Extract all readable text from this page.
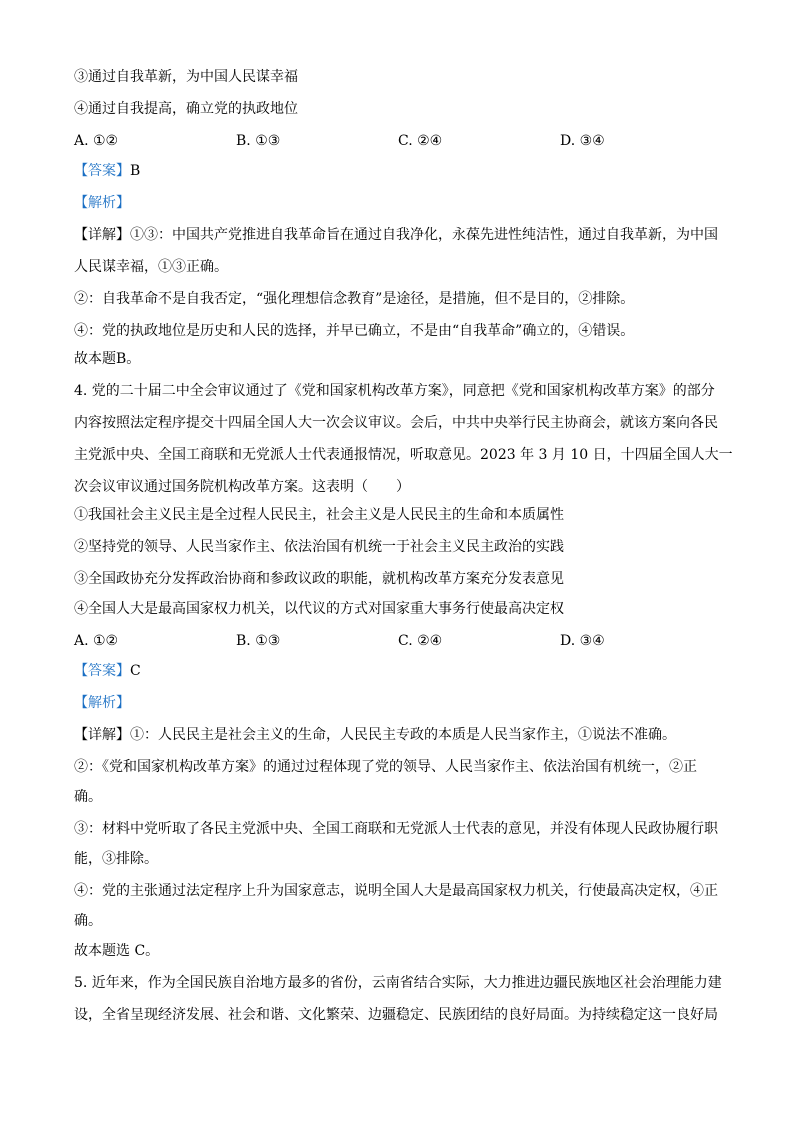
③通过自我革新，为中国人民谋幸福
④通过自我提高，确立党的执政地位
A. ①②	B. ①③	C. ②④	D. ③④
【答案】B
【解析】
【详解】①③：中国共产党推进自我革命旨在通过自我净化，永葆先进性纯洁性，通过自我革新，为中国
人民谋幸福，①③正确。
②：自我革命不是自我否定，“强化理想信念教育”是途径，是措施，但不是目的，②排除。
④：党的执政地位是历史和人民的选择，并早已确立，不是由“自我革命”确立的，④错误。
故本题B。
4. 党的二十届二中全会审议通过了《党和国家机构改革方案》，同意把《党和国家机构改革方案》的部分
内容按照法定程序提交十四届全国人大一次会议审议。会后，中共中央举行民主协商会，就该方案向各民
主党派中央、全国工商联和无党派人士代表通报情况，听取意见。2023 年 3 月 10 日，十四届全国人大一
次会议审议通过国务院机构改革方案。这表明（　　）
①我国社会主义民主是全过程人民民主，社会主义是人民民主的生命和本质属性
②坚持党的领导、人民当家作主、依法治国有机统一于社会主义民主政治的实践
③全国政协充分发挥政治协商和参政议政的职能，就机构改革方案充分发表意见
④全国人大是最高国家权力机关，以代议的方式对国家重大事务行使最高决定权
A. ①②	B. ①③	C. ②④	D. ③④
【答案】C
【解析】
【详解】①：人民民主是社会主义的生命，人民民主专政的本质是人民当家作主，①说法不准确。
②：《党和国家机构改革方案》的通过过程体现了党的领导、人民当家作主、依法治国有机统一，②正
确。
③：材料中党听取了各民主党派中央、全国工商联和无党派人士代表的意见，并没有体现人民政协履行职
能，③排除。
④：党的主张通过法定程序上升为国家意志，说明全国人大是最高国家权力机关，行使最高决定权，④正
确。
故本题选 C。
5. 近年来，作为全国民族自治地方最多的省份，云南省结合实际，大力推进边疆民族地区社会治理能力建
设，全省呈现经济发展、社会和谐、文化繁荣、边疆稳定、民族团结的良好局面。为持续稳定这一良好局
